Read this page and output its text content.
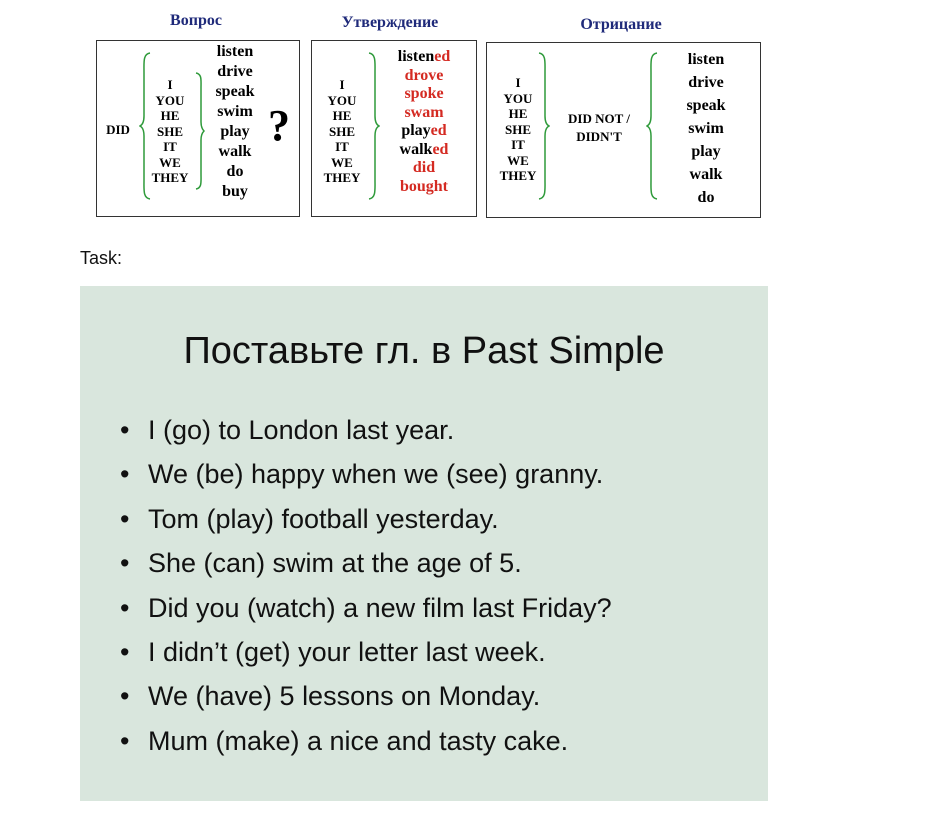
Вопрос	Утверждение	Отрицание
DID
I
YOU
HE
SHE
IT
WE
THEY
listen
drive
speak
swim
play
walk
do
buy
?
I
YOU
HE
SHE
IT
WE
THEY
listened
drove
spoke
swam
played
walked
did
bought
I
YOU
HE
SHE
IT
WE
THEY
DID NOT /
DIDN'T
listen
drive
speak
swim
play
walk
do
Task:
Поставьте гл. в Past Simple
• I (go) to London last year.
• We (be) happy when we (see) granny.
• Tom (play) football yesterday.
• She (can) swim at the age of 5.
• Did you (watch) a new film last Friday?
• I didn’t (get) your letter last week.
• We (have) 5 lessons on Monday.
• Mum (make) a nice and tasty cake.
